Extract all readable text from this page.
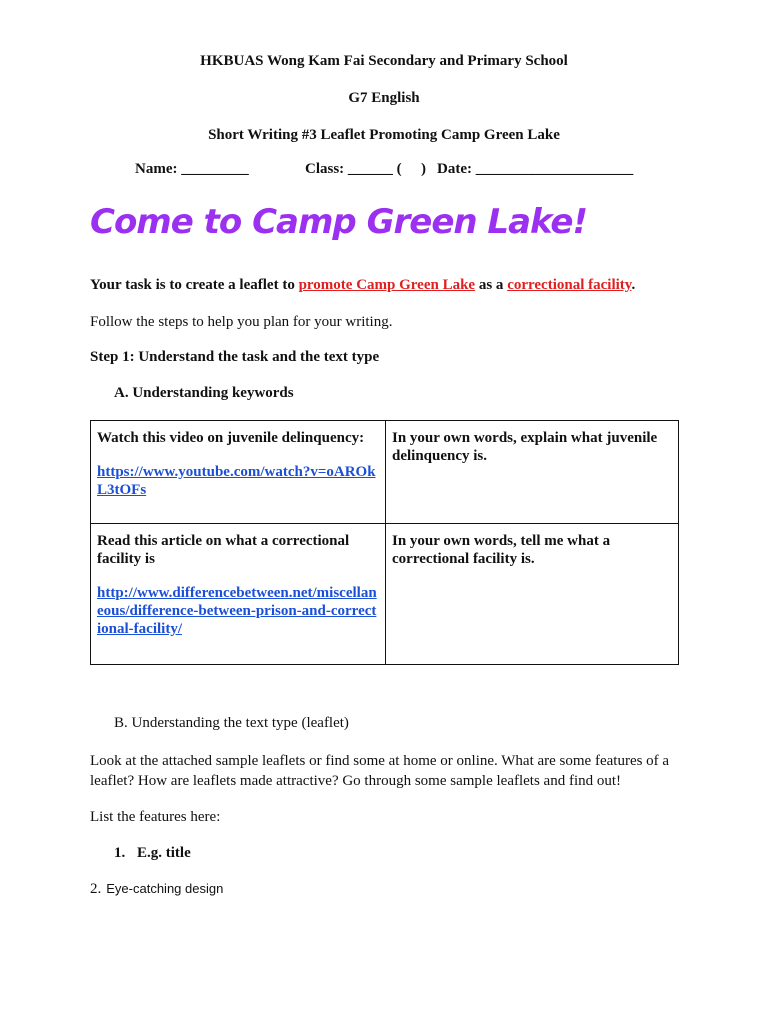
HKBUAS Wong Kam Fai Secondary and Primary School
G7 English
Short Writing #3 Leaflet Promoting Camp Green Lake
Name: _________	Class: ______ ( ) Date: _____________________
Come to Camp Green Lake!
Your task is to create a leaflet to promote Camp Green Lake as a correctional facility.
Follow the steps to help you plan for your writing.
Step 1: Understand the task and the text type
A. Understanding keywords
Watch this video on juvenile delinquency:
https://www.youtube.com/watch?v=oAROkL3tOFs	In your own words, explain what juvenile delinquency is.

Read this article on what a correctional facility is
http://www.differencebetween.net/miscellaneous/difference-between-prison-and-correctional-facility/	In your own words, tell me what a correctional facility is.
B. Understanding the text type (leaflet)
Look at the attached sample leaflets or find some at home or online. What are some features of a leaflet? How are leaflets made attractive? Go through some sample leaflets and find out!
List the features here:
1. E.g. title
2. Eye-catching design
